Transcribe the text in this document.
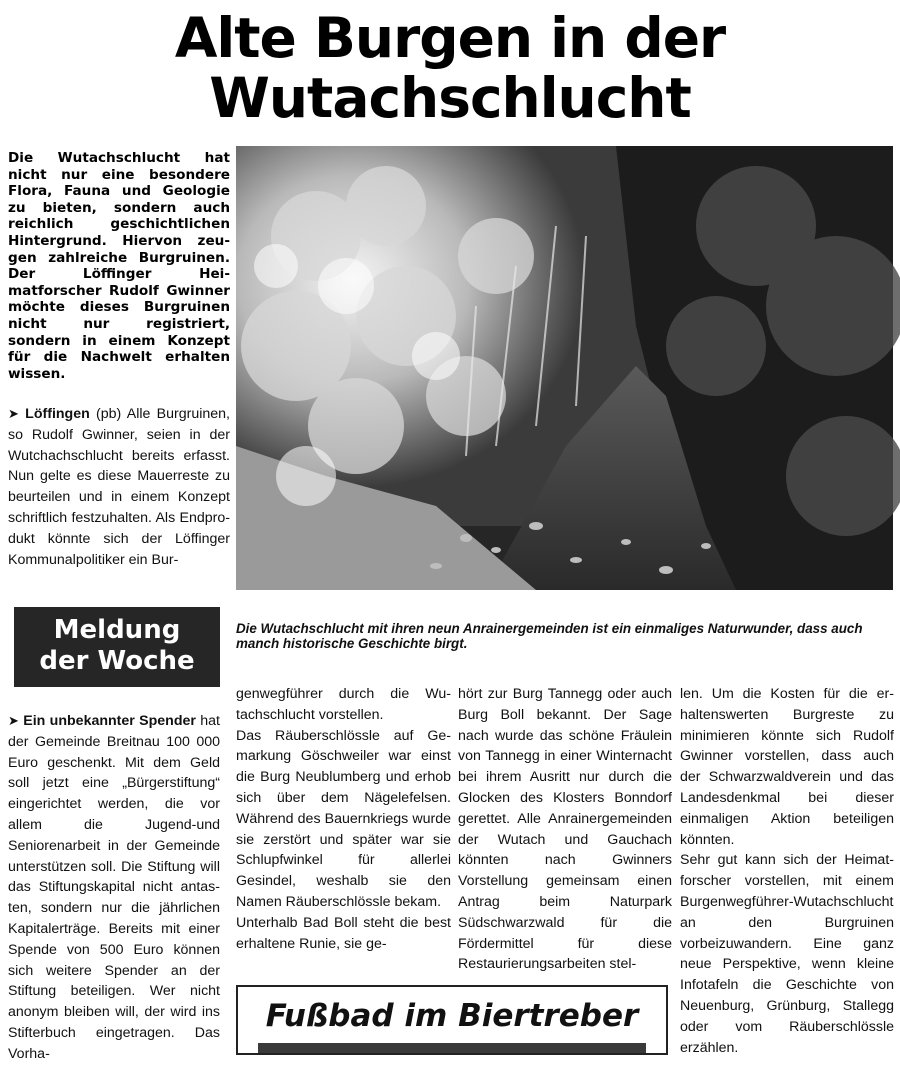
Alte Burgen in der
Wutachschlucht
Die Wutachschlucht hat nicht nur eine besondere Flora, Fauna und Geologie zu bieten, sondern auch reichlich geschichtlichen Hintergrund. Hiervon zeugen zahlreiche Burgruinen. Der Löffinger Heimatforscher Rudolf Gwinner möchte dieses Burgruinen nicht nur registriert, sondern in einem Konzept für die Nachwelt erhalten wissen.
Die Wutachschlucht mit ihren neun Anrainergemeinden ist ein einmaliges Naturwunder, dass auch manch historische Geschichte birgt.
➤ Löffingen (pb) Alle Burgruinen, so Rudolf Gwinner, seien in der Wutchachschlucht bereits erfasst. Nun gelte es diese Mauerreste zu beurteilen und in einem Konzept schriftlich festzuhalten. Als Endprodukt könnte sich der Löffinger Kommunalpolitiker ein Bur-
Meldung
der Woche
➤ Ein unbekannter Spender hat der Gemeinde Breitnau 100 000 Euro geschenkt. Mit dem Geld soll jetzt eine „Bürgerstiftung“ eingerichtet werden, die vor allem die Jugend-und Seniorenarbeit in der Gemeinde unterstützen soll. Die Stiftung will das Stiftungskapital nicht antasten, sondern nur die jährlichen Kapitalerträge. Bereits mit einer Spende von 500 Euro können sich weitere Spender an der Stiftung beteiligen. Wer nicht anonym bleiben will, der wird ins Stifterbuch eingetragen. Das Vorha-

genwegführer durch die Wutachschlucht vorstellen.

Das Räuberschlössle auf Gemarkung Göschweiler war einst die Burg Neublumberg und erhob sich über dem Nägelefelsen. Während des Bauernkriegs wurde sie zerstört und später war sie Schlupfwinkel für allerlei Gesindel, weshalb sie den Namen Räuberschlössle bekam.

Unterhalb Bad Boll steht die best erhaltene Runie, sie ge-

hört zur Burg Tannegg oder auch Burg Boll bekannt. Der Sage nach wurde das schöne Fräulein von Tannegg in einer Winternacht bei ihrem Ausritt nur durch die Glocken des Klosters Bonndorf gerettet. Alle Anrainergemeinden der Wutach und Gauchach könnten nach Gwinners Vorstellung gemeinsam einen Antrag beim Naturpark Südschwarzwald für die Fördermittel für diese Restaurierungsarbeiten stel-

len. Um die Kosten für die erhaltenswerten Burgreste zu minimieren könnte sich Rudolf Gwinner vorstellen, dass auch der Schwarzwaldverein und das Landesdenkmal bei dieser einmaligen Aktion beteiligen könnten.

Sehr gut kann sich der Heimatforscher vorstellen, mit einem Burgenwegführer-Wutachschlucht an den Burgruinen vorbeizuwandern. Eine ganz neue Perspektive, wenn kleine Infotafeln die Geschichte von Neuenburg, Grünburg, Stallegg oder vom Räuberschlössle erzählen.

Fußbad im Biertreber
